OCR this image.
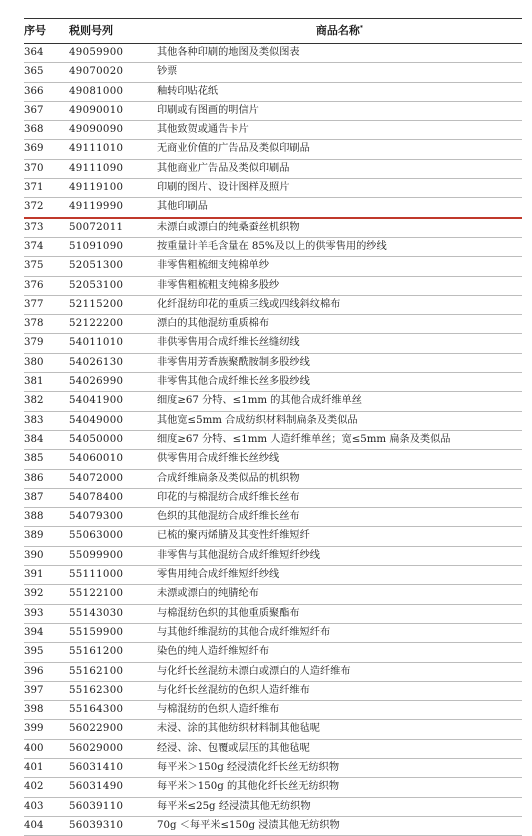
序号	税则号列	商品名称*
364	49059900	其他各种印刷的地图及类似图表
365	49070020	钞票
366	49081000	釉转印贴花纸
367	49090010	印刷或有图画的明信片
368	49090090	其他致贺或通告卡片
369	49111010	无商业价值的广告品及类似印刷品
370	49111090	其他商业广告品及类似印刷品
371	49119100	印刷的图片、设计图样及照片
372	49119990	其他印刷品
373	50072011	未漂白或漂白的纯桑蚕丝机织物
374	51091090	按重量计羊毛含量在 85%及以上的供零售用的纱线
375	52051300	非零售粗梳细支纯棉单纱
376	52053100	非零售粗梳粗支纯棉多股纱
377	52115200	化纤混纺印花的重质三线或四线斜纹棉布
378	52122200	漂白的其他混纺重质棉布
379	54011010	非供零售用合成纤维长丝缝纫线
380	54026130	非零售用芳香族聚酰胺制多股纱线
381	54026990	非零售其他合成纤维长丝多股纱线
382	54041900	细度≥67 分特、≤1mm 的其他合成纤维单丝
383	54049000	其他宽≤5mm 合成纺织材料制扁条及类似品
384	54050000	细度≥67 分特、≤1mm 人造纤维单丝；宽≤5mm 扁条及类似品
385	54060010	供零售用合成纤维长丝纱线
386	54072000	合成纤维扁条及类似品的机织物
387	54078400	印花的与棉混纺合成纤维长丝布
388	54079300	色织的其他混纺合成纤维长丝布
389	55063000	已梳的聚丙烯腈及其变性纤维短纤
390	55099900	非零售与其他混纺合成纤维短纤纱线
391	55111000	零售用纯合成纤维短纤纱线
392	55122100	未漂或漂白的纯腈纶布
393	55143030	与棉混纺色织的其他重质聚酯布
394	55159900	与其他纤维混纺的其他合成纤维短纤布
395	55161200	染色的纯人造纤维短纤布
396	55162100	与化纤长丝混纺未漂白或漂白的人造纤维布
397	55162300	与化纤长丝混纺的色织人造纤维布
398	55164300	与棉混纺的色织人造纤维布
399	56022900	未浸、涂的其他纺织材料制其他毡呢
400	56029000	经浸、涂、包覆或层压的其他毡呢
401	56031410	每平米＞150g 经浸渍化纤长丝无纺织物
402	56031490	每平米＞150g 的其他化纤长丝无纺织物
403	56039110	每平米≤25g 经浸渍其他无纺织物
404	56039310	70g ＜每平米≤150g 浸渍其他无纺织物
